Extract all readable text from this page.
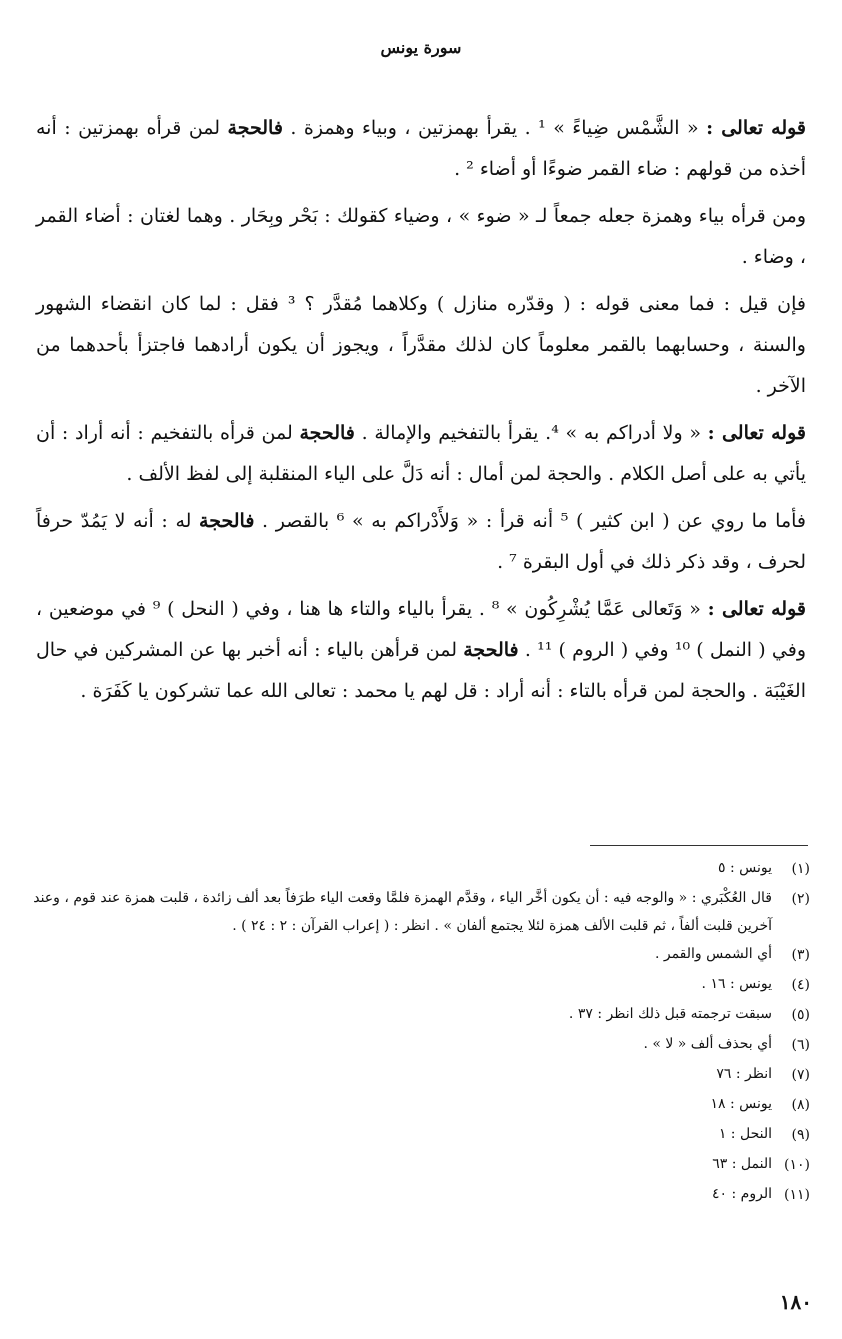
سورة يونس

قوله تعالى : « الشَّمْس ضِياءً » ¹ . يقرأ بهمزتين ، وبياء وهمزة . فالحجة لمن قرأه بهمزتين : أنه أخذه من قولهم : ضاء القمر ضوءًا أو أضاء ² .

ومن قرأه بياء وهمزة جعله جمعاً لـ « ضوء » ، وضياء كقولك : بَحْر وبِحَار . وهما لغتان : أضاء القمر ، وضاء .

فإن قيل : فما معنى قوله : ( وقدّره منازل ) وكلاهما مُقدَّر ؟ ³ فقل : لما كان انقضاء الشهور والسنة ، وحسابهما بالقمر معلوماً كان لذلك مقدَّراً ، ويجوز أن يكون أرادهما فاجتزأ بأحدهما من الآخر .

قوله تعالى : « ولا أدراكم به » ⁴. يقرأ بالتفخيم والإمالة . فالحجة لمن قرأه بالتفخيم : أنه أراد : أن يأتي به على أصل الكلام . والحجة لمن أمال : أنه دَلَّ على الياء المنقلبة إلى لفظ الألف .

فأما ما روي عن ( ابن كثير ) ⁵ أنه قرأ : « وَلأَدْراكم به » ⁶ بالقصر . فالحجة له : أنه لا يَمُدّ حرفاً لحرف ، وقد ذكر ذلك في أول البقرة ⁷ .

قوله تعالى : « وَتَعالى عَمَّا يُشْرِكُون » ⁸ . يقرأ بالياء والتاء ها هنا ، وفي ( النحل ) ⁹ في موضعين ، وفي ( النمل ) ¹⁰ وفي ( الروم ) ¹¹ . فالحجة لمن قرأهن بالياء : أنه أخبر بها عن المشركين في حال الغَيْبَة . والحجة لمن قرأه بالتاء : أنه أراد : قل لهم يا محمد : تعالى الله عما تشركون يا كَفَرَة .

(١)
يونس : ٥
(٢)
قال العُكْبَري : « والوجه فيه : أن يكون أخَّر الياء ، وقدَّم الهمزة فلمَّا وقعت الياء طرَفاً بعد ألف زائدة ، قلبت همزة عند قوم ، وعند آخرين قلبت ألفاً ، ثم قلبت الألف همزة لئلا يجتمع ألفان » . انظر : ( إعراب القرآن : ٢ : ٢٤ ) .
(٣)
أي الشمس والقمر .
(٤)
يونس : ١٦ .
(٥)
سبقت ترجمته قبل ذلك انظر : ٣٧ .
(٦)
أي بحذف ألف « لا » .
(٧)
انظر : ٧٦
(٨)
يونس : ١٨
(٩)
النحل : ١
(١٠)
النمل : ٦٣
(١١)
الروم : ٤٠
١٨٠
